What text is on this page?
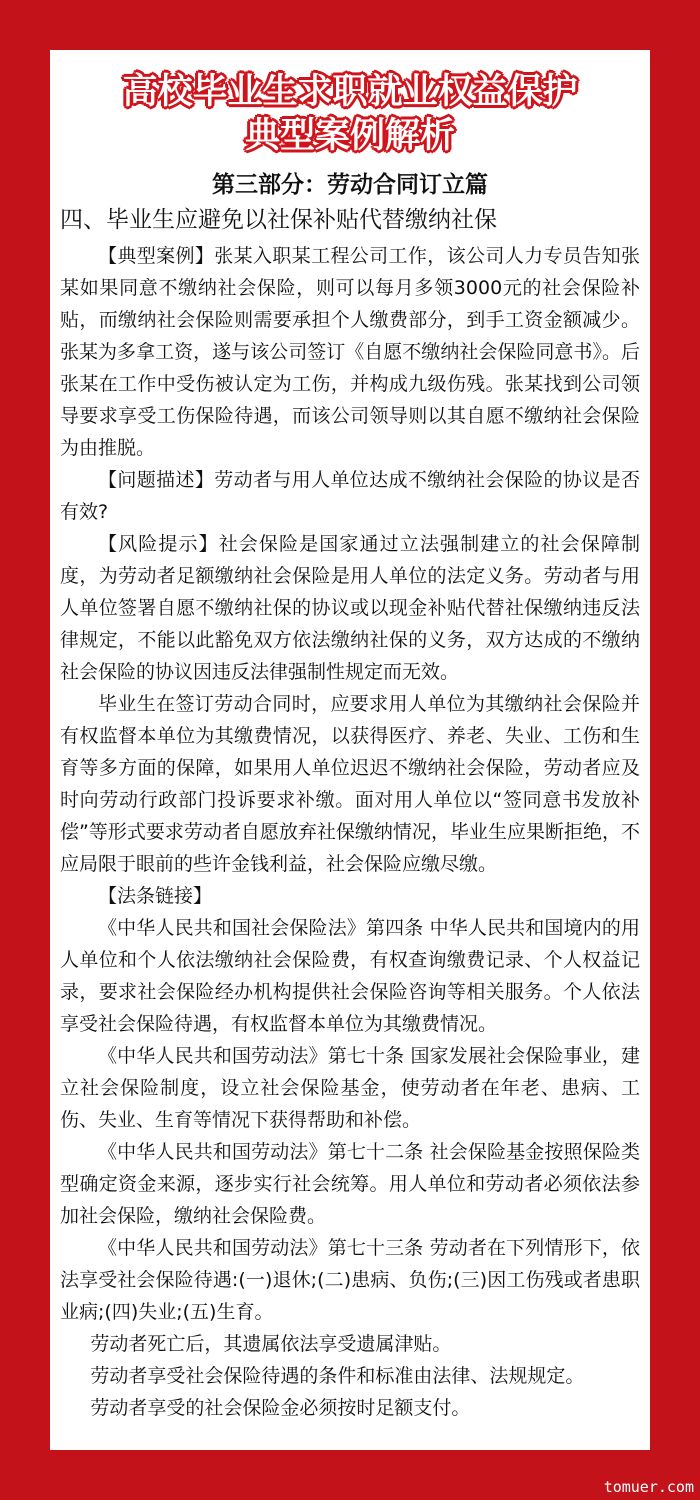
高校毕业生求职就业权益保护
典型案例解析
第三部分：劳动合同订立篇
四、毕业生应避免以社保补贴代替缴纳社保

【典型案例】张某入职某工程公司工作，该公司人力专员告知张某如果同意不缴纳社会保险，则可以每月多领3000元的社会保险补贴，而缴纳社会保险则需要承担个人缴费部分，到手工资金额减少。张某为多拿工资，遂与该公司签订《自愿不缴纳社会保险同意书》。后张某在工作中受伤被认定为工伤，并构成九级伤残。张某找到公司领导要求享受工伤保险待遇，而该公司领导则以其自愿不缴纳社会保险为由推脱。

【问题描述】劳动者与用人单位达成不缴纳社会保险的协议是否有效?

【风险提示】社会保险是国家通过立法强制建立的社会保障制度，为劳动者足额缴纳社会保险是用人单位的法定义务。劳动者与用人单位签署自愿不缴纳社保的协议或以现金补贴代替社保缴纳违反法律规定，不能以此豁免双方依法缴纳社保的义务，双方达成的不缴纳社会保险的协议因违反法律强制性规定而无效。

毕业生在签订劳动合同时，应要求用人单位为其缴纳社会保险并有权监督本单位为其缴费情况，以获得医疗、养老、失业、工伤和生育等多方面的保障，如果用人单位迟迟不缴纳社会保险，劳动者应及时向劳动行政部门投诉要求补缴。面对用人单位以“签同意书发放补偿”等形式要求劳动者自愿放弃社保缴纳情况，毕业生应果断拒绝，不应局限于眼前的些许金钱利益，社会保险应缴尽缴。

【法条链接】

《中华人民共和国社会保险法》第四条 中华人民共和国境内的用人单位和个人依法缴纳社会保险费，有权查询缴费记录、个人权益记录，要求社会保险经办机构提供社会保险咨询等相关服务。个人依法享受社会保险待遇，有权监督本单位为其缴费情况。

《中华人民共和国劳动法》第七十条 国家发展社会保险事业，建立社会保险制度，设立社会保险基金，使劳动者在年老、患病、工伤、失业、生育等情况下获得帮助和补偿。

《中华人民共和国劳动法》第七十二条 社会保险基金按照保险类型确定资金来源，逐步实行社会统筹。用人单位和劳动者必须依法参加社会保险，缴纳社会保险费。

《中华人民共和国劳动法》第七十三条 劳动者在下列情形下，依法享受社会保险待遇:(一)退休;(二)患病、负伤;(三)因工伤残或者患职业病;(四)失业;(五)生育。

劳动者死亡后，其遗属依法享受遗属津贴。

劳动者享受社会保险待遇的条件和标准由法律、法规规定。

劳动者享受的社会保险金必须按时足额支付。

tomuer.com
